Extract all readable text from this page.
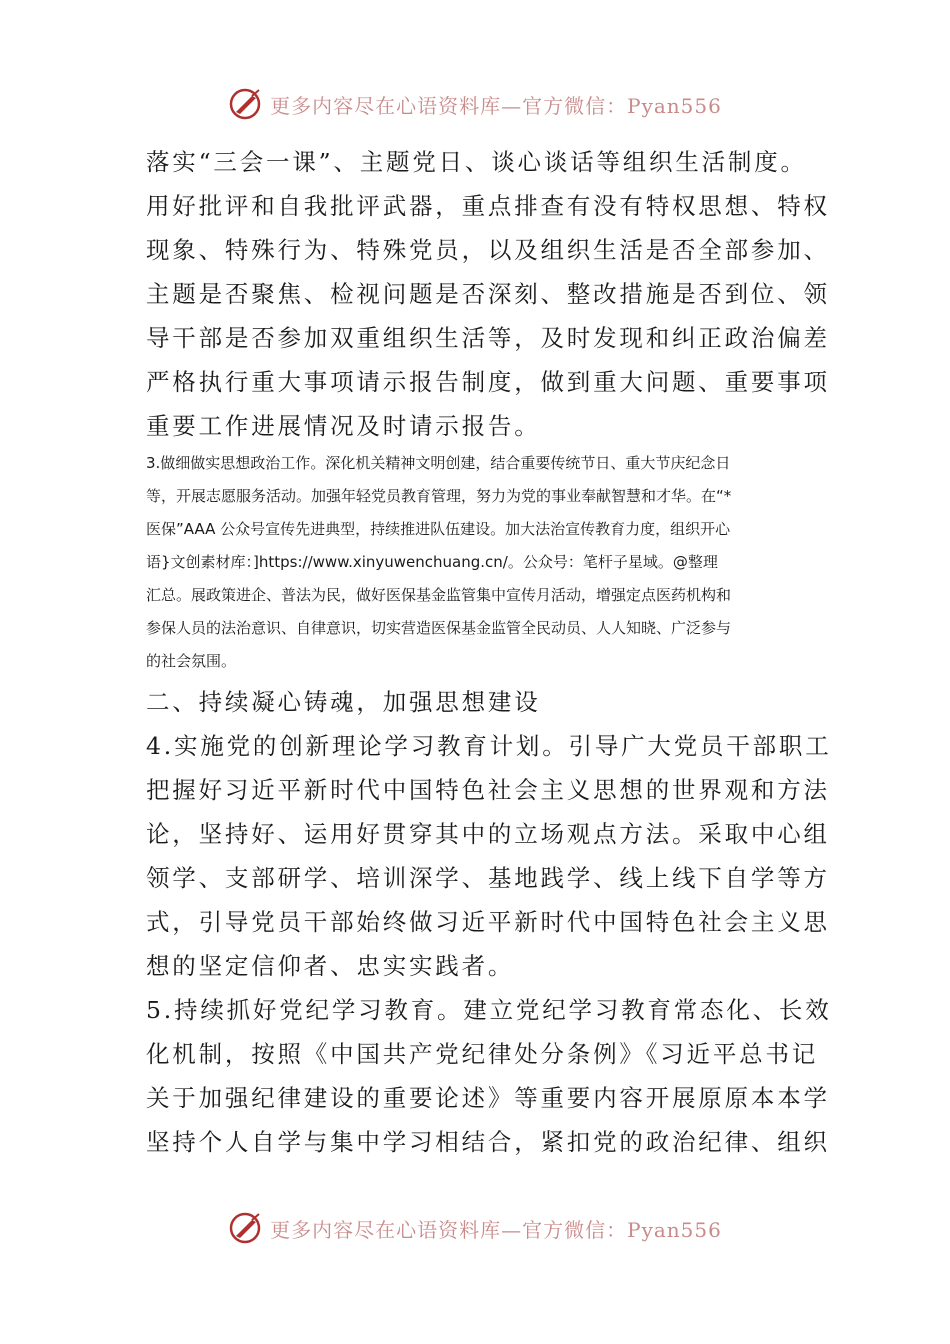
更多内容尽在心语资料库—官方微信：Pyan556

落实“三会一课”、主题党日、谈心谈话等组织生活制度。

用好批评和自我批评武器，重点排查有没有特权思想、特权

现象、特殊行为、特殊党员，以及组织生活是否全部参加、

主题是否聚焦、检视问题是否深刻、整改措施是否到位、领

导干部是否参加双重组织生活等，及时发现和纠正政治偏差

严格执行重大事项请示报告制度，做到重大问题、重要事项

重要工作进展情况及时请示报告。

3.做细做实思想政治工作。深化机关精神文明创建，结合重要传统节日、重大节庆纪念日

等，开展志愿服务活动。加强年轻党员教育管理，努力为党的事业奉献智慧和才华。在“*

医保”AAA 公众号宣传先进典型，持续推进队伍建设。加大法治宣传教育力度，组织开心

语}文创素材库：]https://www.xinyuwenchuang.cn/。公众号：笔杆子星域。@整理

汇总。展政策进企、普法为民，做好医保基金监管集中宣传月活动，增强定点医药机构和

参保人员的法治意识、自律意识，切实营造医保基金监管全民动员、人人知晓、广泛参与

的社会氛围。

二、持续凝心铸魂，加强思想建设

4.实施党的创新理论学习教育计划。引导广大党员干部职工

把握好习近平新时代中国特色社会主义思想的世界观和方法

论，坚持好、运用好贯穿其中的立场观点方法。采取中心组

领学、支部研学、培训深学、基地践学、线上线下自学等方

式，引导党员干部始终做习近平新时代中国特色社会主义思

想的坚定信仰者、忠实实践者。

5.持续抓好党纪学习教育。建立党纪学习教育常态化、长效

化机制，按照《中国共产党纪律处分条例》《习近平总书记

关于加强纪律建设的重要论述》等重要内容开展原原本本学

坚持个人自学与集中学习相结合，紧扣党的政治纪律、组织

更多内容尽在心语资料库—官方微信：Pyan556
